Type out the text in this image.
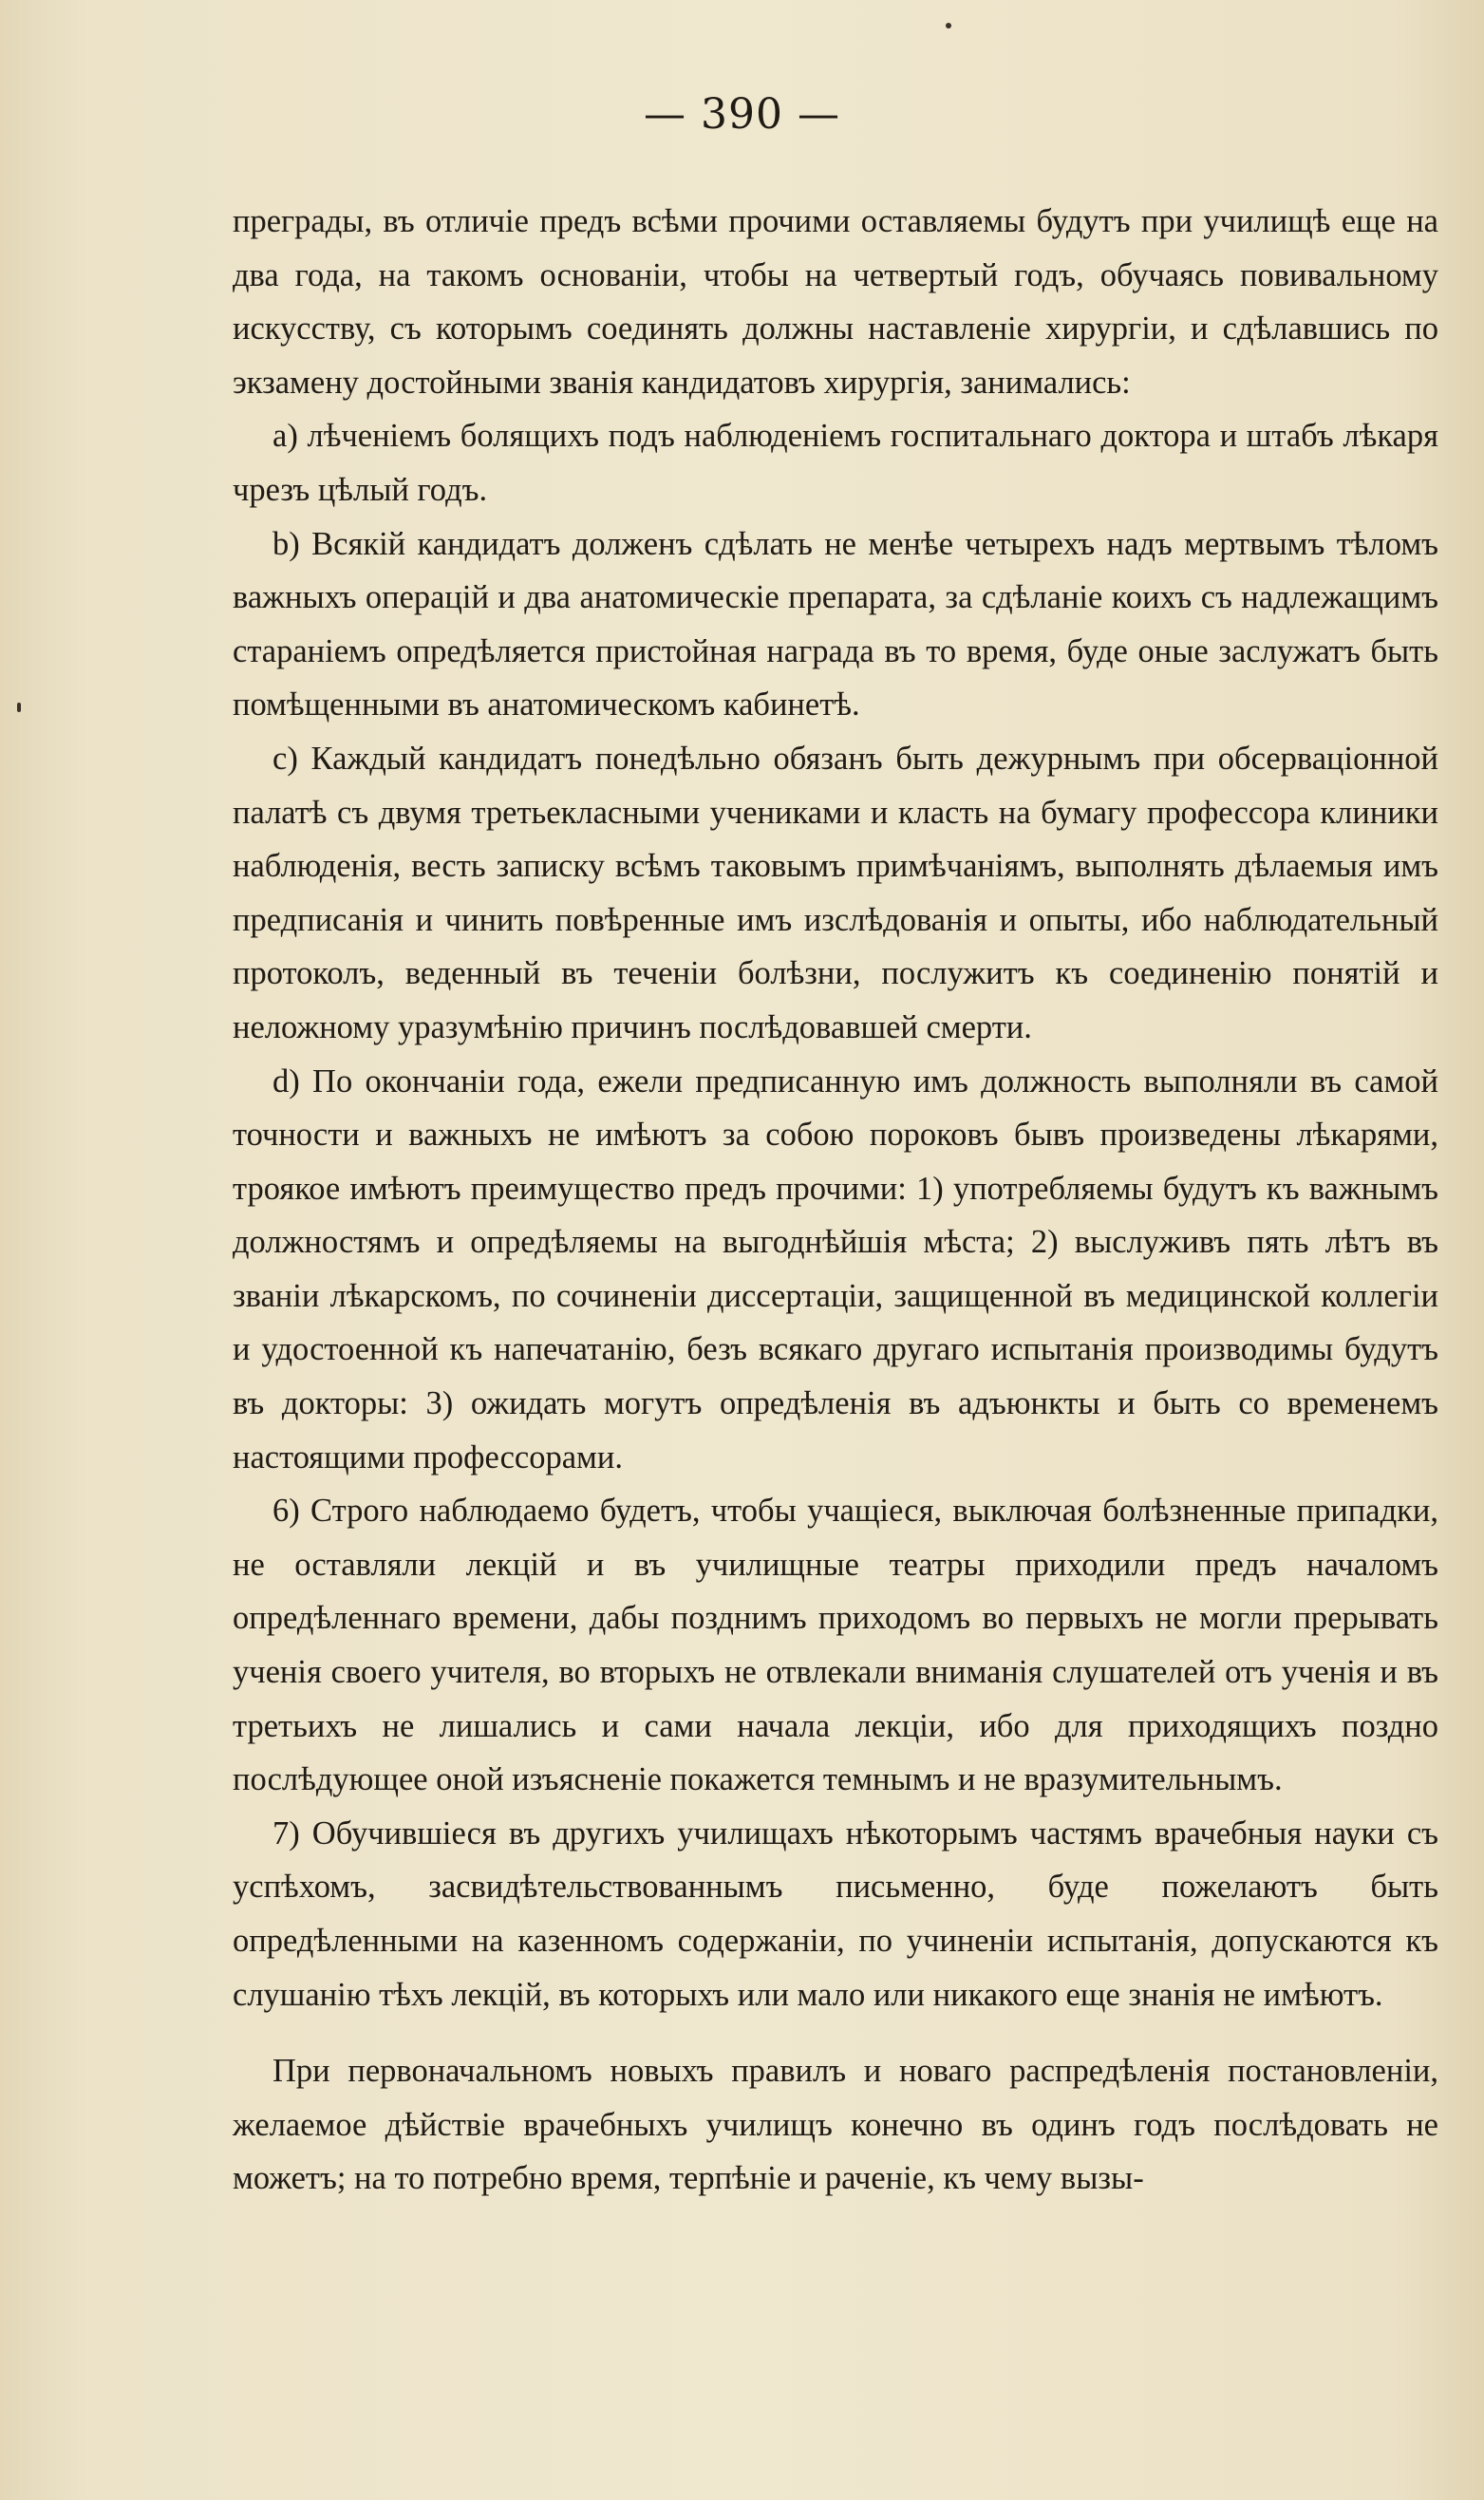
— 390 —

преграды, въ отличіе предъ всѣми прочими оставляемы будутъ при училищѣ еще на два года, на такомъ основаніи, чтобы на четвертый годъ, обучаясь повивальному искусству, съ которымъ соединять должны наставленіе хирургіи, и сдѣлавшись по экзамену достойными званія кандидатовъ хирургія, занимались:

a) лѣченіемъ болящихъ подъ наблюденіемъ госпитальнаго доктора и штабъ лѣкаря чрезъ цѣлый годъ.

b) Всякій кандидатъ долженъ сдѣлать не менѣе четырехъ надъ мертвымъ тѣломъ важныхъ операцій и два анатомическіе препарата, за сдѣланіе коихъ съ надлежащимъ стараніемъ опредѣляется пристойная награда въ то время, буде оные заслужатъ быть помѣщенными въ анатомическомъ кабинетѣ.

c) Каждый кандидатъ понедѣльно обязанъ быть дежурнымъ при обсерваціонной палатѣ съ двумя третьекласными учениками и класть на бумагу профессора клиники наблюденія, весть записку всѣмъ таковымъ примѣчаніямъ, выполнять дѣлаемыя имъ предписанія и чинить повѣренные имъ изслѣдованія и опыты, ибо наблюдательный протоколъ, веденный въ теченіи болѣзни, послужитъ къ соединенію понятій и неложному уразумѣнію причинъ послѣдовавшей смерти.

d) По окончаніи года, ежели предписанную имъ должность выполняли въ самой точности и важныхъ не имѣютъ за собою пороковъ бывъ произведены лѣкарями, троякое имѣютъ преимущество предъ прочими: 1) употребляемы будутъ къ важнымъ должностямъ и опредѣляемы на выгоднѣйшія мѣста; 2) выслуживъ пять лѣтъ въ званіи лѣкарскомъ, по сочиненіи диссертаціи, защищенной въ медицинской коллегіи и удостоенной къ напечатанію, безъ всякаго другаго испытанія производимы будутъ въ докторы: 3) ожидать могутъ опредѣленія въ адъюнкты и быть со временемъ настоящими профессорами.

6) Строго наблюдаемо будетъ, чтобы учащіеся, выключая болѣзненные припадки, не оставляли лекцій и въ училищные театры приходили предъ началомъ опредѣленнаго времени, дабы позднимъ приходомъ во первыхъ не могли прерывать ученія своего учителя, во вторыхъ не отвлекали вниманія слушателей отъ ученія и въ третьихъ не лишались и сами начала лекціи, ибо для приходящихъ поздно послѣдующее оной изъясненіе покажется темнымъ и не вразумительнымъ.

7) Обучившіеся въ другихъ училищахъ нѣкоторымъ частямъ врачебныя науки съ успѣхомъ, засвидѣтельствованнымъ письменно, буде пожелаютъ быть опредѣленными на казенномъ содержаніи, по учиненіи испытанія, допускаются къ слушанію тѣхъ лекцій, въ которыхъ или мало или никакого еще знанія не имѣютъ.

При первоначальномъ новыхъ правилъ и новаго распредѣленія постановленіи, желаемое дѣйствіе врачебныхъ училищъ конечно въ одинъ годъ послѣдовать не можетъ; на то потребно время, терпѣніе и раченіе, къ чему вызы-
